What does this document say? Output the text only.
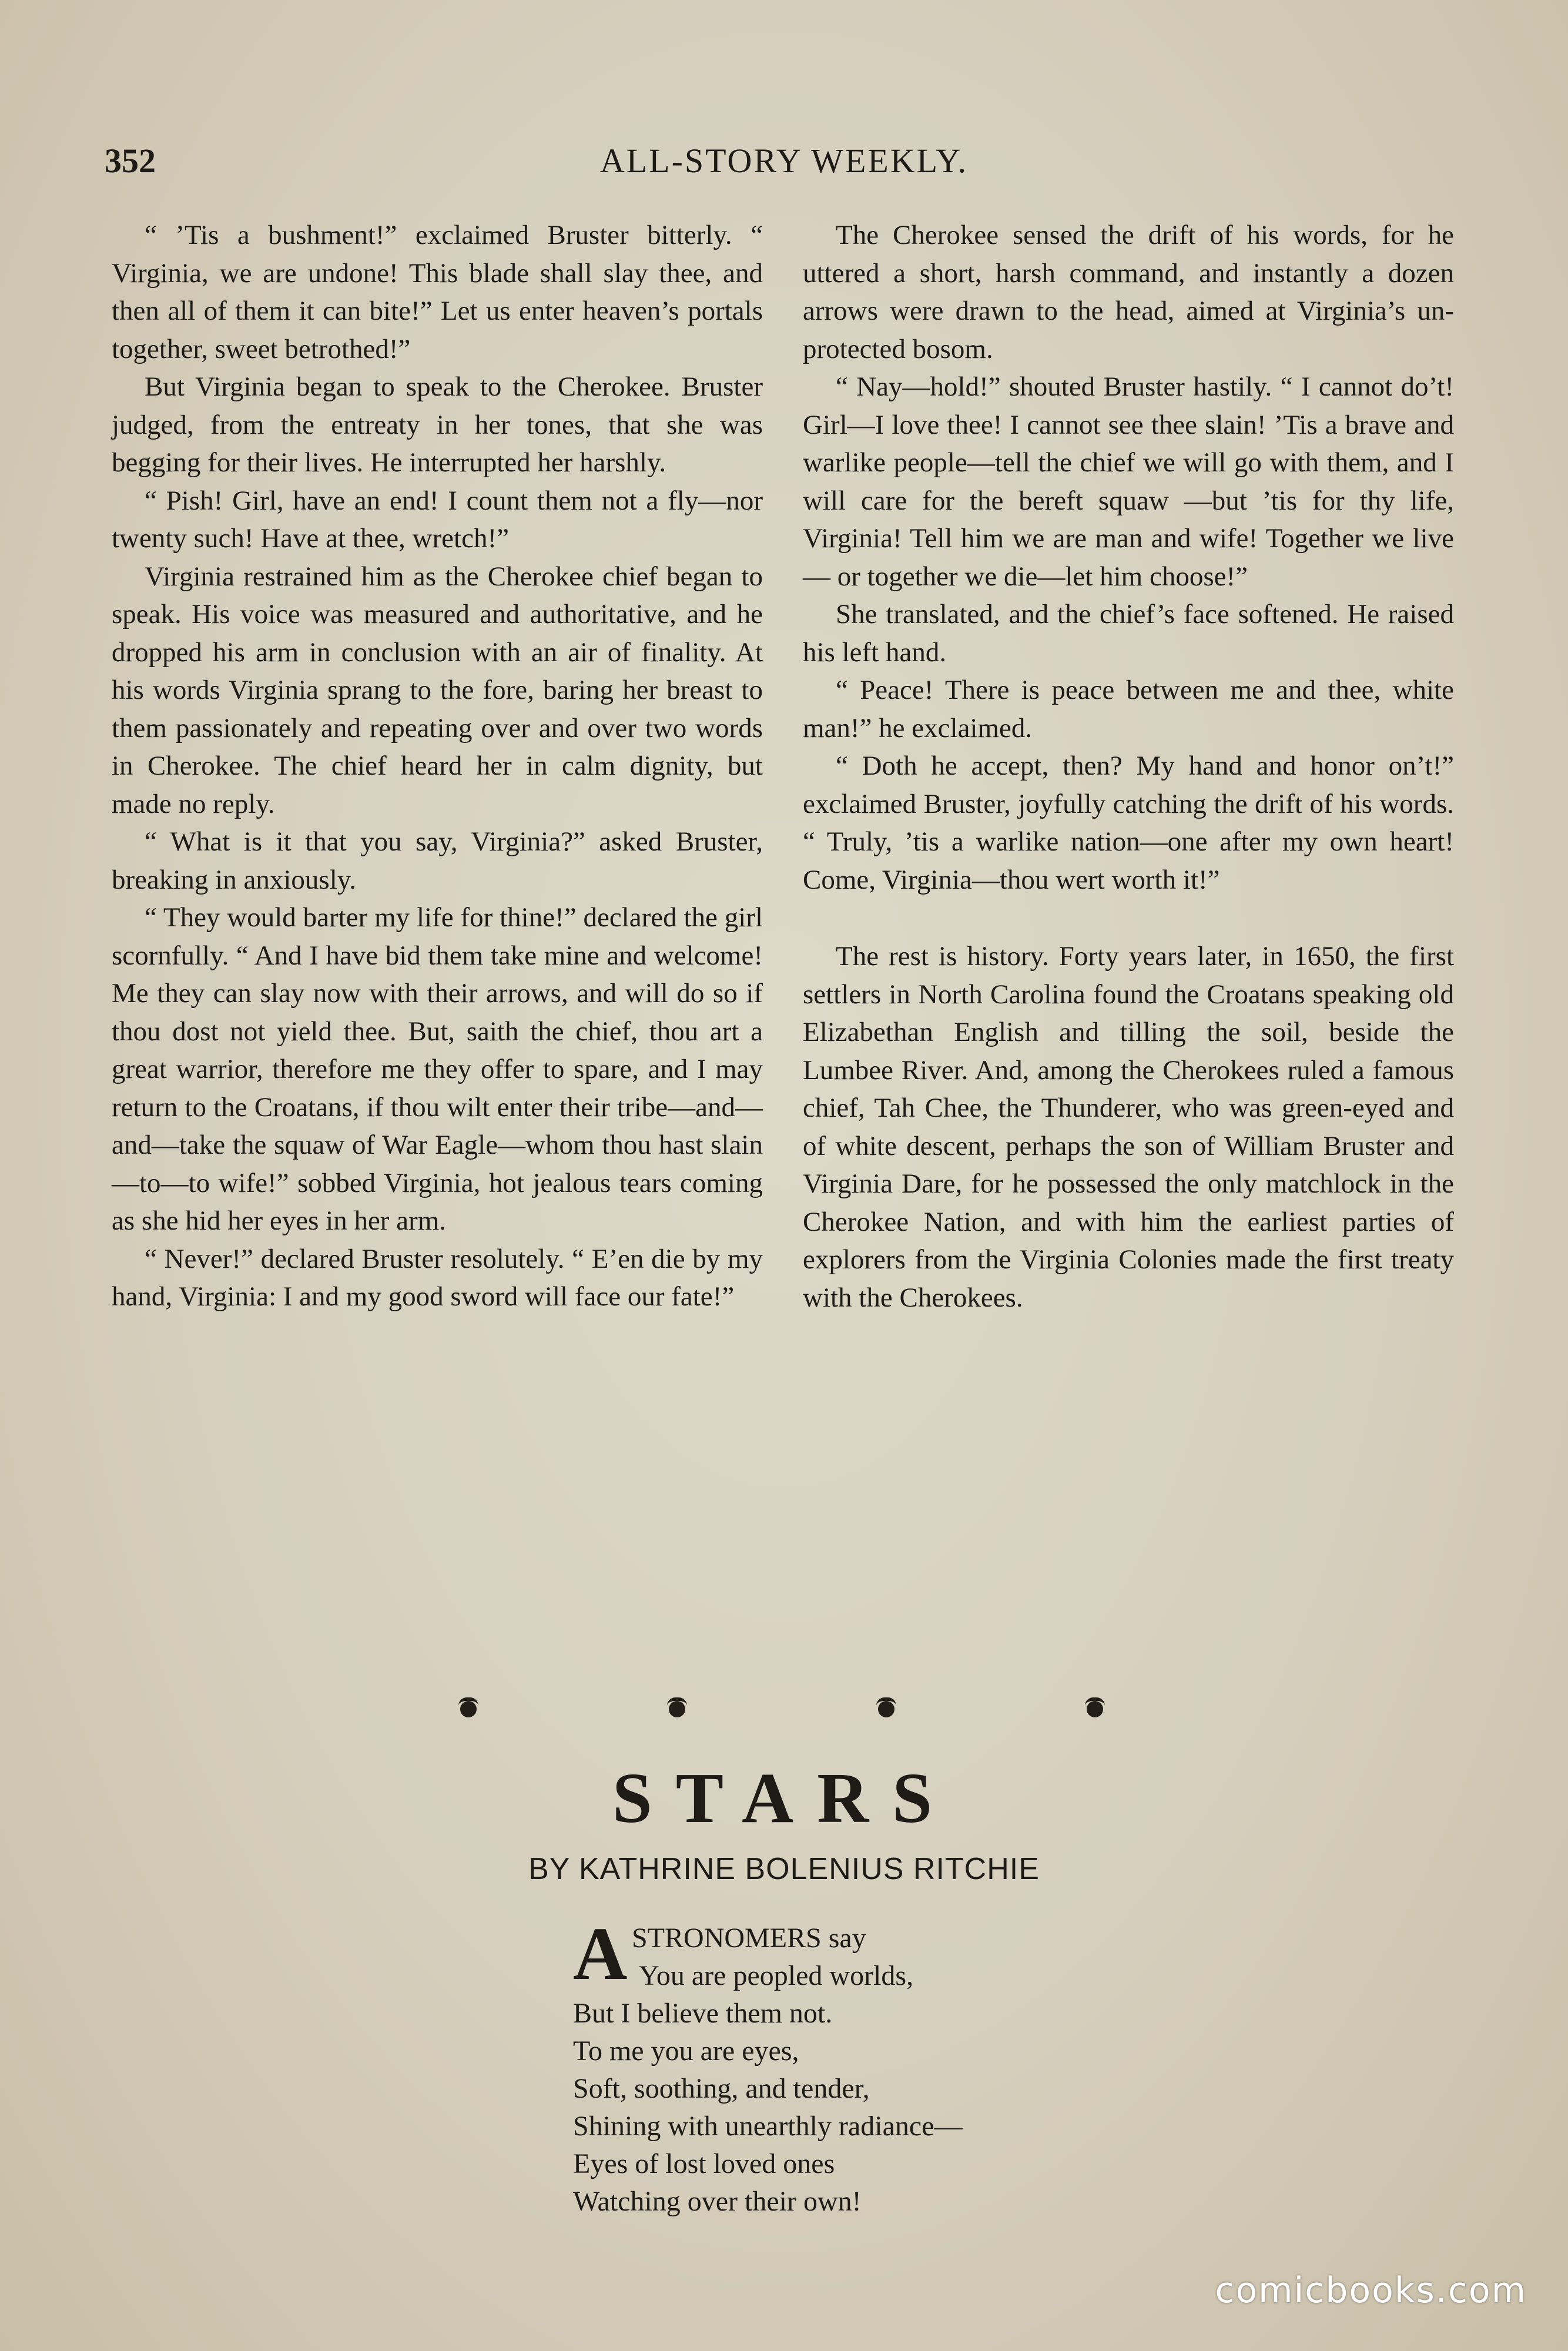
352	ALL-STORY WEEKLY.

“ ’Tis a bushment!” exclaimed Bruster bitterly. “ Virginia, we are undone! This blade shall slay thee, and then all of them it can bite!” Let us enter heaven’s portals together, sweet betrothed!”

But Virginia began to speak to the Cherokee. Bruster judged, from the entreaty in her tones, that she was begging for their lives. He interrupted her harshly.

“ Pish! Girl, have an end! I count them not a fly—nor twenty such! Have at thee, wretch!”

Virginia restrained him as the Cherokee chief began to speak. His voice was measured and authoritative, and he dropped his arm in conclusion with an air of finality. At his words Virginia sprang to the fore, baring her breast to them passionately and repeating over and over two words in Cherokee. The chief heard her in calm dignity, but made no reply.

“ What is it that you say, Virginia?” asked Bruster, breaking in anxiously.

“ They would barter my life for thine!” declared the girl scornfully. “ And I have bid them take mine and welcome! Me they can slay now with their arrows, and will do so if thou dost not yield thee. But, saith the chief, thou art a great warrior, therefore me they offer to spare, and I may return to the Croatans, if thou wilt enter their tribe—and—and—take the squaw of War Eagle—whom thou hast slain—to—to wife!” sobbed Virginia, hot jealous tears coming as she hid her eyes in her arm.

“ Never!” declared Bruster resolutely. “ E’en die by my hand, Virginia: I and my good sword will face our fate!”

The Cherokee sensed the drift of his words, for he uttered a short, harsh command, and instantly a dozen arrows were drawn to the head, aimed at Virginia’s unprotected bosom.

“ Nay—hold!” shouted Bruster hastily. “ I cannot do’t! Girl—I love thee! I cannot see thee slain! ’Tis a brave and warlike people—tell the chief we will go with them, and I will care for the bereft squaw —but ’tis for thy life, Virginia! Tell him we are man and wife! Together we live— or together we die—let him choose!”

She translated, and the chief’s face softened. He raised his left hand.

“ Peace! There is peace between me and thee, white man!” he exclaimed.

“ Doth he accept, then? My hand and honor on’t!” exclaimed Bruster, joyfully catching the drift of his words. “ Truly, ’tis a warlike nation—one after my own heart! Come, Virginia—thou wert worth it!”

The rest is history. Forty years later, in 1650, the first settlers in North Carolina found the Croatans speaking old Elizabethan English and tilling the soil, beside the Lumbee River. And, among the Cherokees ruled a famous chief, Tah Chee, the Thunderer, who was green-eyed and of white descent, perhaps the son of William Bruster and Virginia Dare, for he possessed the only matchlock in the Cherokee Nation, and with him the earliest parties of explorers from the Virginia Colonies made the first treaty with the Cherokees.

STARS
BY KATHRINE BOLENIUS RITCHIE
A STRONOMERS say
You are peopled worlds,
But I believe them not.
To me you are eyes,
Soft, soothing, and tender,
Shining with unearthly radiance—
Eyes of lost loved ones
Watching over their own!
comicbooks.com
